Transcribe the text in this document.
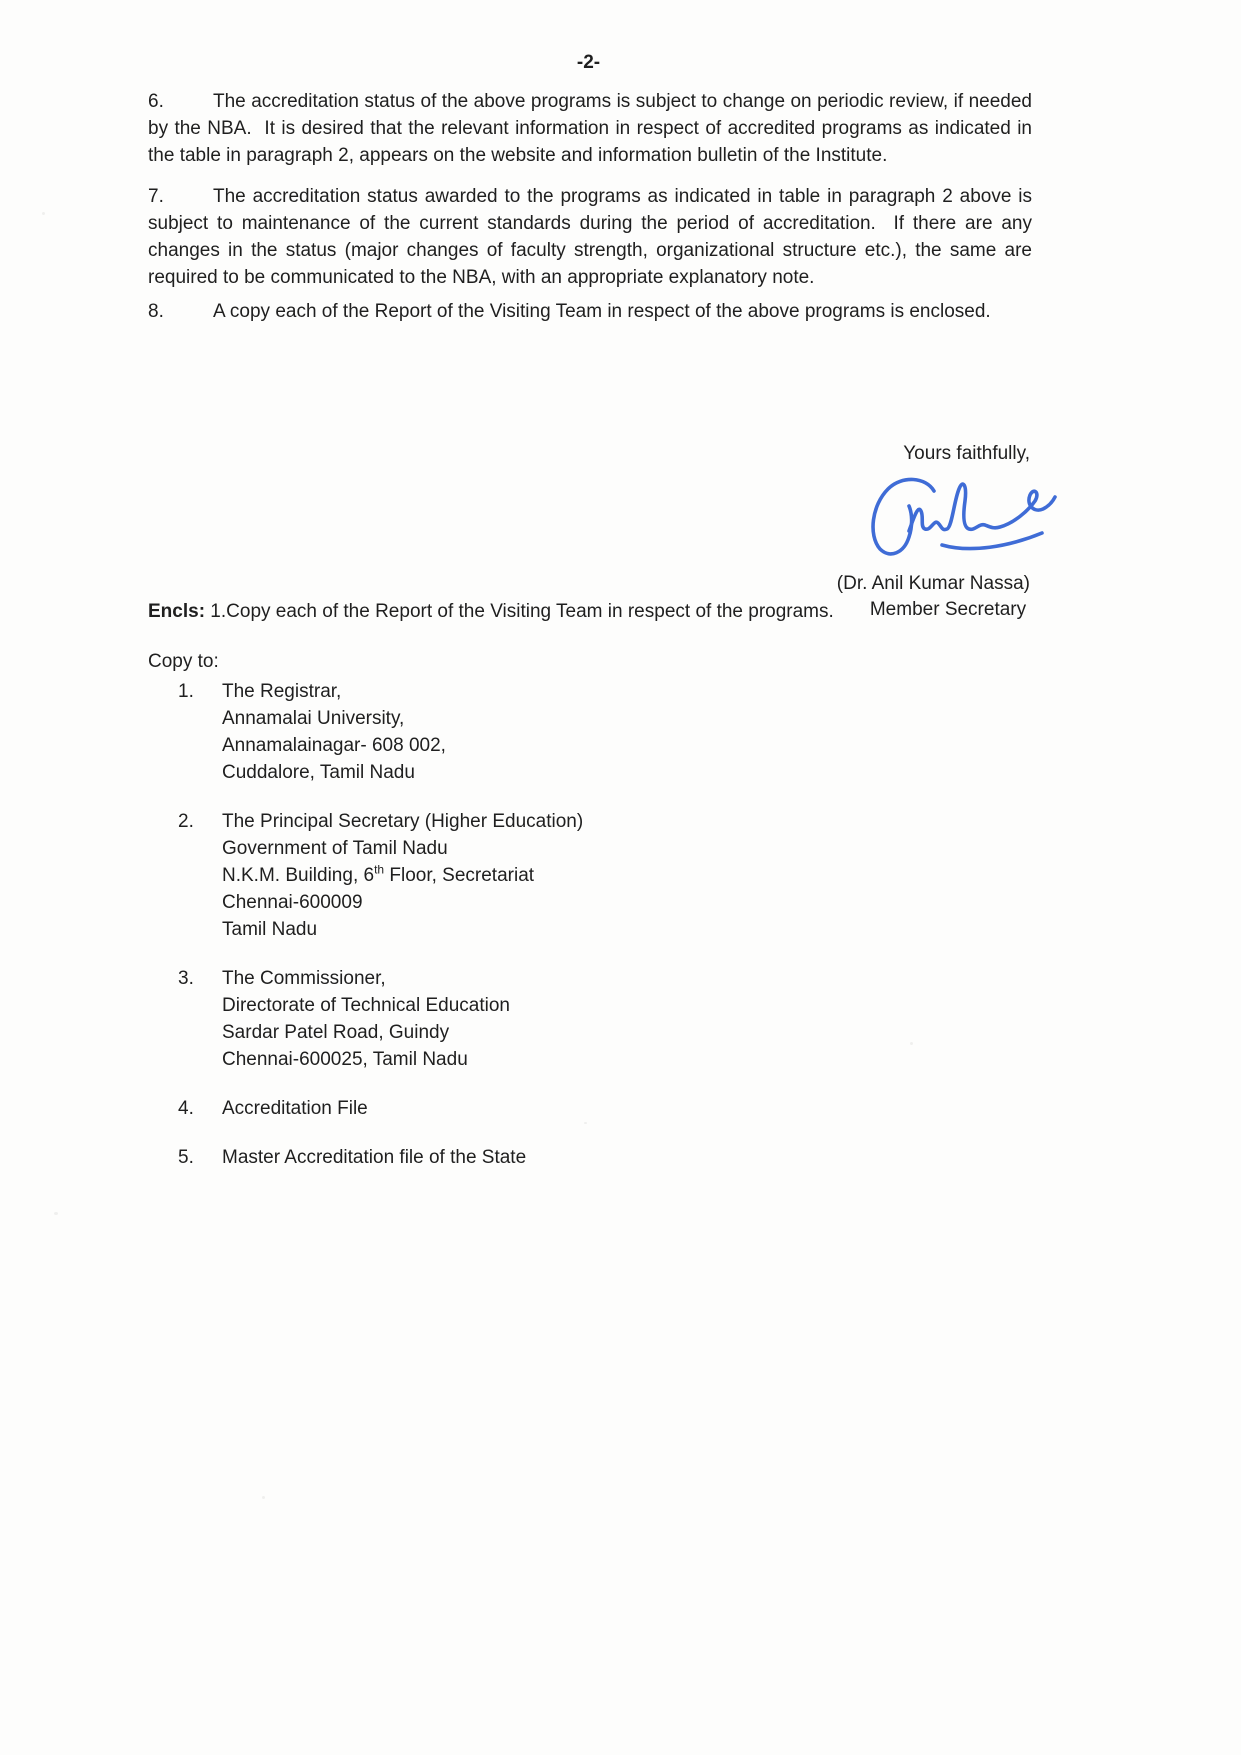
-2-
6.	The accreditation status of the above programs is subject to change on periodic review, if needed by the NBA.  It is desired that the relevant information in respect of accredited programs as indicated in the table in paragraph 2, appears on the website and information bulletin of the Institute.
7.	The accreditation status awarded to the programs as indicated in table in paragraph 2 above is subject to maintenance of the current standards during the period of accreditation.  If there are any changes in the status (major changes of faculty strength, organizational structure etc.), the same are required to be communicated to the NBA, with an appropriate explanatory note.
8.	A copy each of the Report of the Visiting Team in respect of the above programs is enclosed.
Yours faithfully,
(Dr. Anil Kumar Nassa)
Member Secretary
Encls: 1.Copy each of the Report of the Visiting Team in respect of the programs.
Copy to:
1.	The Registrar,
Annamalai University,
Annamalainagar- 608 002,
Cuddalore, Tamil Nadu
2.	The Principal Secretary (Higher Education)
Government of Tamil Nadu
N.K.M. Building, 6th Floor, Secretariat
Chennai-600009
Tamil Nadu
3.	The Commissioner,
Directorate of Technical Education
Sardar Patel Road, Guindy
Chennai-600025, Tamil Nadu
4.	Accreditation File
5.	Master Accreditation file of the State
